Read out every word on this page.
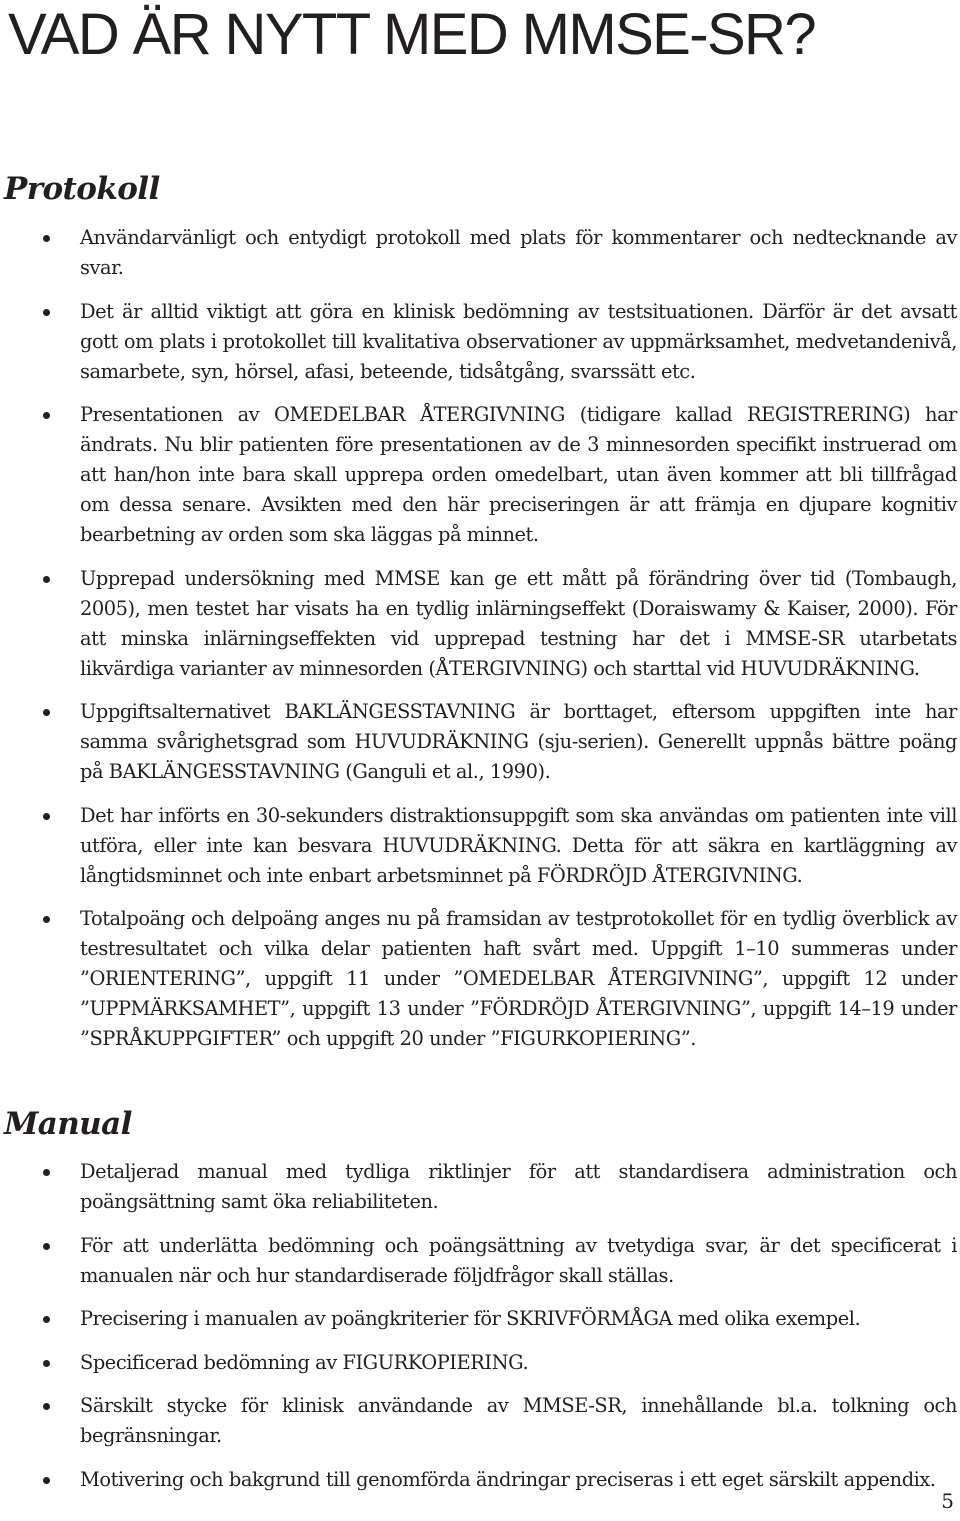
VAD ÄR NYTT MED MMSE-SR?
Protokoll
Användarvänligt och entydigt protokoll med plats för kommentarer och nedtecknande av svar.
Det är alltid viktigt att göra en klinisk bedömning av testsituationen. Därför är det avsatt gott om plats i protokollet till kvalitativa observationer av uppmärksamhet, medvetandenivå, samarbete, syn, hörsel, afasi, beteende, tidsåtgång, svarssätt etc.
Presentationen av OMEDELBAR ÅTERGIVNING (tidigare kallad REGISTRERING) har ändrats. Nu blir patienten före presentationen av de 3 minnesorden specifikt instruerad om att han/hon inte bara skall upprepa orden omedelbart, utan även kommer att bli tillfrågad om dessa senare. Avsikten med den här preciseringen är att främja en djupare kognitiv bearbetning av orden som ska läggas på minnet.
Upprepad undersökning med MMSE kan ge ett mått på förändring över tid (Tombaugh, 2005), men testet har visats ha en tydlig inlärningseffekt (Doraiswamy & Kaiser, 2000). För att minska inlärningseffekten vid upprepad testning har det i MMSE-SR utarbetats likvärdiga varianter av minnesorden (ÅTERGIVNING) och starttal vid HUVUDRÄKNING.
Uppgiftsalternativet BAKLÄNGESSTAVNING är borttaget, eftersom uppgiften inte har samma svårighetsgrad som HUVUDRÄKNING (sju-serien). Generellt uppnås bättre poäng på BAKLÄNGESSTAVNING (Ganguli et al., 1990).
Det har införts en 30-sekunders distraktionsuppgift som ska användas om patienten inte vill utföra, eller inte kan besvara HUVUDRÄKNING. Detta för att säkra en kartläggning av långtidsminnet och inte enbart arbetsminnet på FÖRDRÖJD ÅTERGIVNING.
Totalpoäng och delpoäng anges nu på framsidan av testprotokollet för en tydlig överblick av testresultatet och vilka delar patienten haft svårt med. Uppgift 1–10 summeras under ”ORIENTERING”, uppgift 11 under ”OMEDELBAR ÅTERGIVNING”, uppgift 12 under ”UPPMÄRKSAMHET”, uppgift 13 under ”FÖRDRÖJD ÅTERGIVNING”, uppgift 14–19 under ”SPRÅKUPPGIFTER” och uppgift 20 under ”FIGURKOPIERING”.
Manual
Detaljerad manual med tydliga riktlinjer för att standardisera administration och poängsättning samt öka reliabiliteten.
För att underlätta bedömning och poängsättning av tvetydiga svar, är det specificerat i manualen när och hur standardiserade följdfrågor skall ställas.
Precisering i manualen av poängkriterier för SKRIVFÖRMÅGA med olika exempel.
Specificerad bedömning av FIGURKOPIERING.
Särskilt stycke för klinisk användande av MMSE-SR, innehållande bl.a. tolkning och begränsningar.
Motivering och bakgrund till genomförda ändringar preciseras i ett eget särskilt appendix.
5
